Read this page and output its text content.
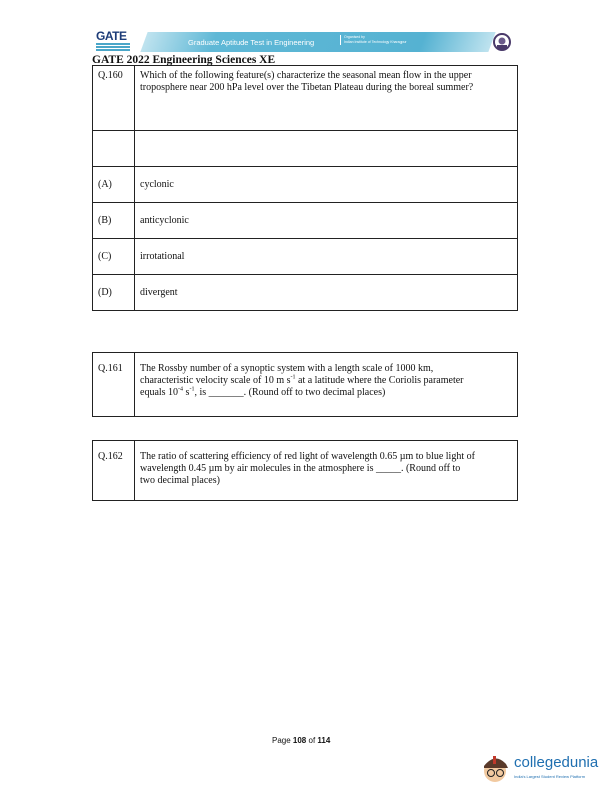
GATE	Graduate Aptitude Test in Engineering
Organised by
Indian Institute of Technology Kharagpur
GATE 2022 Engineering Sciences XE
Q.160	Which of the following feature(s) characterize the seasonal mean flow in the upper troposphere near 200 hPa level over the Tibetan Plateau during the boreal summer?

(A)	cyclonic
(B)	anticyclonic
(C)	irrotational
(D)	divergent
Q.161	The Rossby number of a synoptic system with a length scale of 1000 km,
characteristic velocity scale of 10 m $s^{-1}$ at a latitude where the Coriolis parameter
equals $10^{-4}$ $s^{-1}$, is _______. (Round off to two decimal places)
Q.162	The ratio of scattering efficiency of red light of wavelength 0.65 µm to blue light of wavelength 0.45 µm by air molecules in the atmosphere is _____. (Round off to two decimal places)
Page 108 of 114
collegedunia
India's Largest Student Review Platform
